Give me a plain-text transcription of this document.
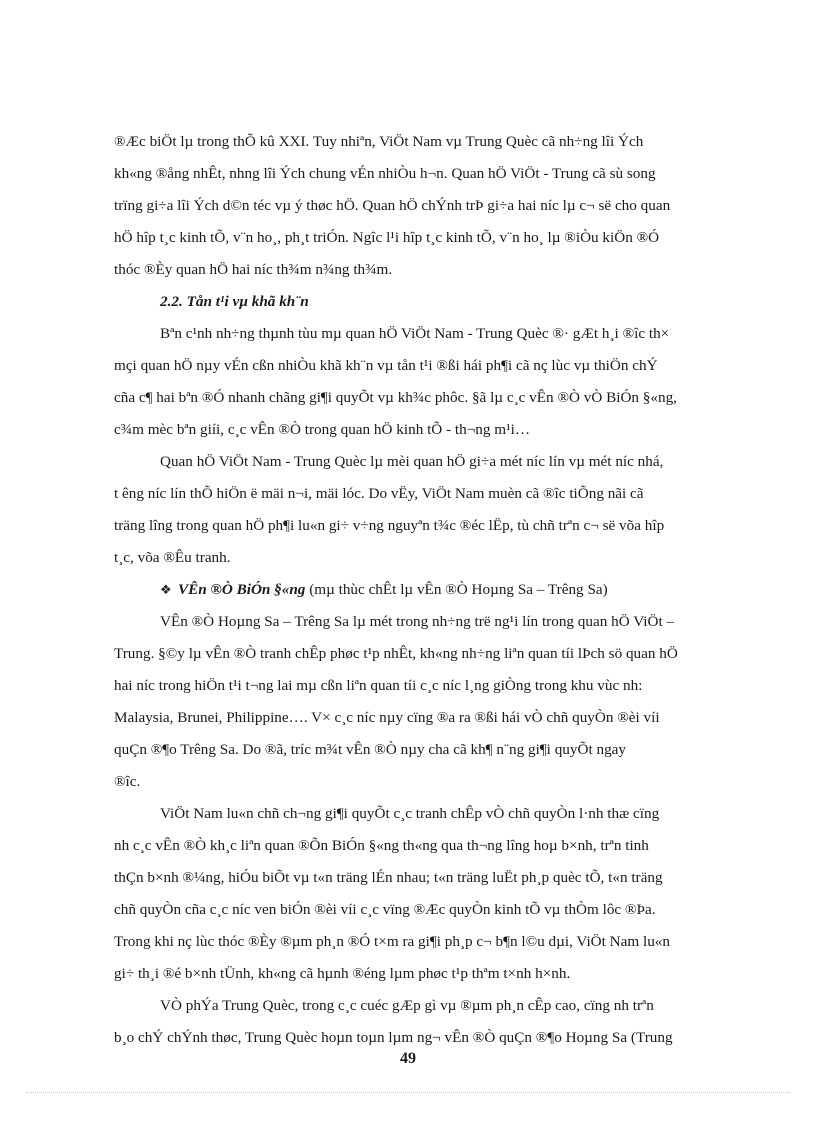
®Æc biÖt lµ trong thÕ kû XXI. Tuy nhiªn, ViÖt Nam vµ Trung Quèc cã nh÷ng lîi Ých
kh«ng ®ång nhÊt, nhng lîi Ých chung vÉn nhiÒu h¬n. Quan hÖ ViÖt - Trung cã sù song
trïng gi÷a lîi Ých d©n téc vµ ý thøc hÖ. Quan hÖ chÝnh trÞ gi÷a hai níc lµ c¬ së cho quan
hÖ hîp t¸c kinh tÕ, v¨n ho¸, ph¸t triÓn. Ngîc l¹i hîp t¸c kinh tÕ, v¨n ho¸ lµ ®iÒu kiÖn ®Ó
thóc ®Èy quan hÖ hai níc th¾m n¾ng th¾m.
2.2. Tån t¹i vµ khã kh¨n
Bªn c¹nh nh÷ng thµnh tùu mµ quan hÖ ViÖt Nam - Trung Quèc ®· gÆt h¸i ®îc th×
mçi quan hÖ nµy vÉn cßn nhiÒu khã kh¨n vµ tån t¹i ®ßi hái ph¶i cã nç lùc vµ thiÖn chÝ
cña c¶ hai bªn ®Ó nhanh chãng gi¶i quyÕt vµ kh¾c phôc. §ã lµ c¸c vÊn ®Ò vÒ BiÓn §«ng,
c¾m mèc bªn giíi, c¸c vÊn ®Ò trong quan hÖ kinh tÕ - th¬ng m¹i…
Quan hÖ ViÖt Nam - Trung Quèc lµ mèi quan hÖ gi÷a mét níc lín vµ mét níc nhá,
t êng níc lín thÕ hiÖn ë mäi n¬i, mäi lóc. Do vËy, ViÖt Nam muèn cã ®îc tiÕng nãi cã
träng lîng trong quan hÖ ph¶i lu«n gi÷ v÷ng nguyªn t¾c ®éc lËp, tù chñ trªn c¬ së võa hîp
t¸c, võa ®Êu tranh.
❖ VÊn ®Ò BiÓn §«ng (mµ thùc chÊt lµ vÊn ®Ò Hoµng Sa – Trêng Sa)
VÊn ®Ò Hoµng Sa – Trêng Sa lµ mét trong nh÷ng trë ng¹i lín trong quan hÖ ViÖt –
Trung. §©y lµ vÊn ®Ò tranh chÊp phøc t¹p nhÊt, kh«ng nh÷ng liªn quan tíi lÞch sö quan hÖ
hai níc trong hiÖn t¹i t¬ng lai mµ cßn liªn quan tíi c¸c níc l¸ng giÒng trong khu vùc nh:
Malaysia, Brunei, Philippine…. V× c¸c níc nµy cïng ®a ra ®ßi hái vÒ chñ quyÒn ®èi víi
quÇn ®¶o Trêng Sa. Do ®ã, tríc m¾t vÊn ®Ò nµy cha cã kh¶ n¨ng gi¶i quyÕt ngay
®îc.
ViÖt Nam lu«n chñ ch¬ng gi¶i quyÕt c¸c tranh chÊp vÒ chñ quyÒn l·nh thæ cïng
nh c¸c vÊn ®Ò kh¸c liªn quan ®Õn BiÓn §«ng th«ng qua th¬ng lîng hoµ b×nh, trªn tinh
thÇn b×nh ®¼ng, hiÓu biÕt vµ t«n träng lÉn nhau; t«n träng luËt ph¸p quèc tÕ, t«n träng
chñ quyÒn cña c¸c níc ven biÓn ®èi víi c¸c vïng ®Æc quyÒn kinh tÕ vµ thÒm lôc ®Þa.
Trong khi nç lùc thóc ®Èy ®µm ph¸n ®Ó t×m ra gi¶i ph¸p c¬ b¶n l©u dµi, ViÖt Nam lu«n
gi÷ th¸i ®é b×nh tÜnh, kh«ng cã hµnh ®éng lµm phøc t¹p thªm t×nh h×nh.
VÒ phÝa Trung Quèc, trong c¸c cuéc gÆp gì vµ ®µm ph¸n cÊp cao, cïng nh trªn
b¸o chÝ chÝnh thøc, Trung Quèc hoµn toµn lµm ng¬ vÊn ®Ò quÇn ®¶o Hoµng Sa (Trung
49
